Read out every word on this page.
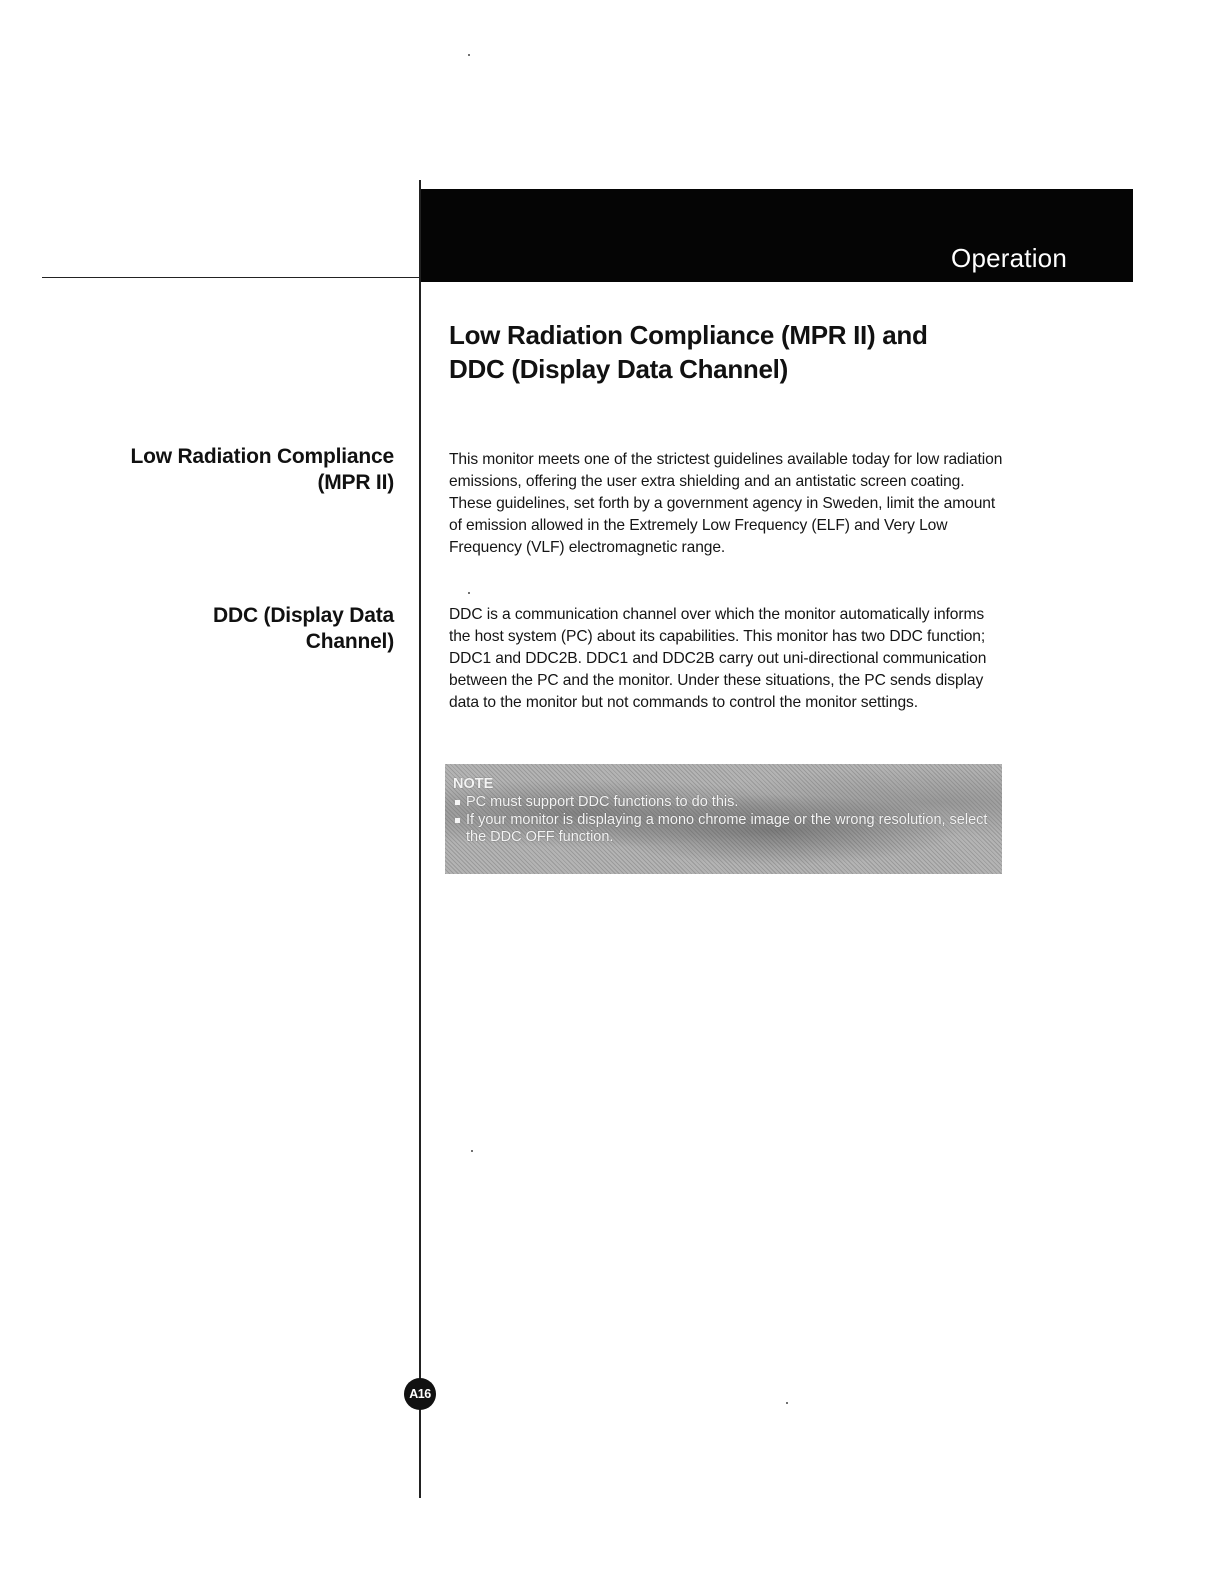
Operation
Low Radiation Compliance (MPR II) and
DDC (Display Data Channel)
Low Radiation Compliance
(MPR II)

This monitor meets one of the strictest guidelines available today for low radiation emissions, offering the user extra shielding and an antistatic screen coating. These guidelines, set forth by a government agency in Sweden, limit the amount of emission allowed in the Extremely Low Frequency (ELF) and Very Low Frequency (VLF) electromagnetic range.

DDC (Display Data
Channel)

DDC is a communication channel over which the monitor automatically informs the host system (PC) about its capabilities. This monitor has two DDC function; DDC1 and DDC2B. DDC1 and DDC2B carry out uni-directional communication between the PC and the monitor. Under these situations, the PC sends display data to the monitor but not commands to control the monitor settings.

NOTE
PC must support DDC functions to do this.
If your monitor is displaying a mono chrome image or the wrong resolution, select the DDC OFF function.
A16
